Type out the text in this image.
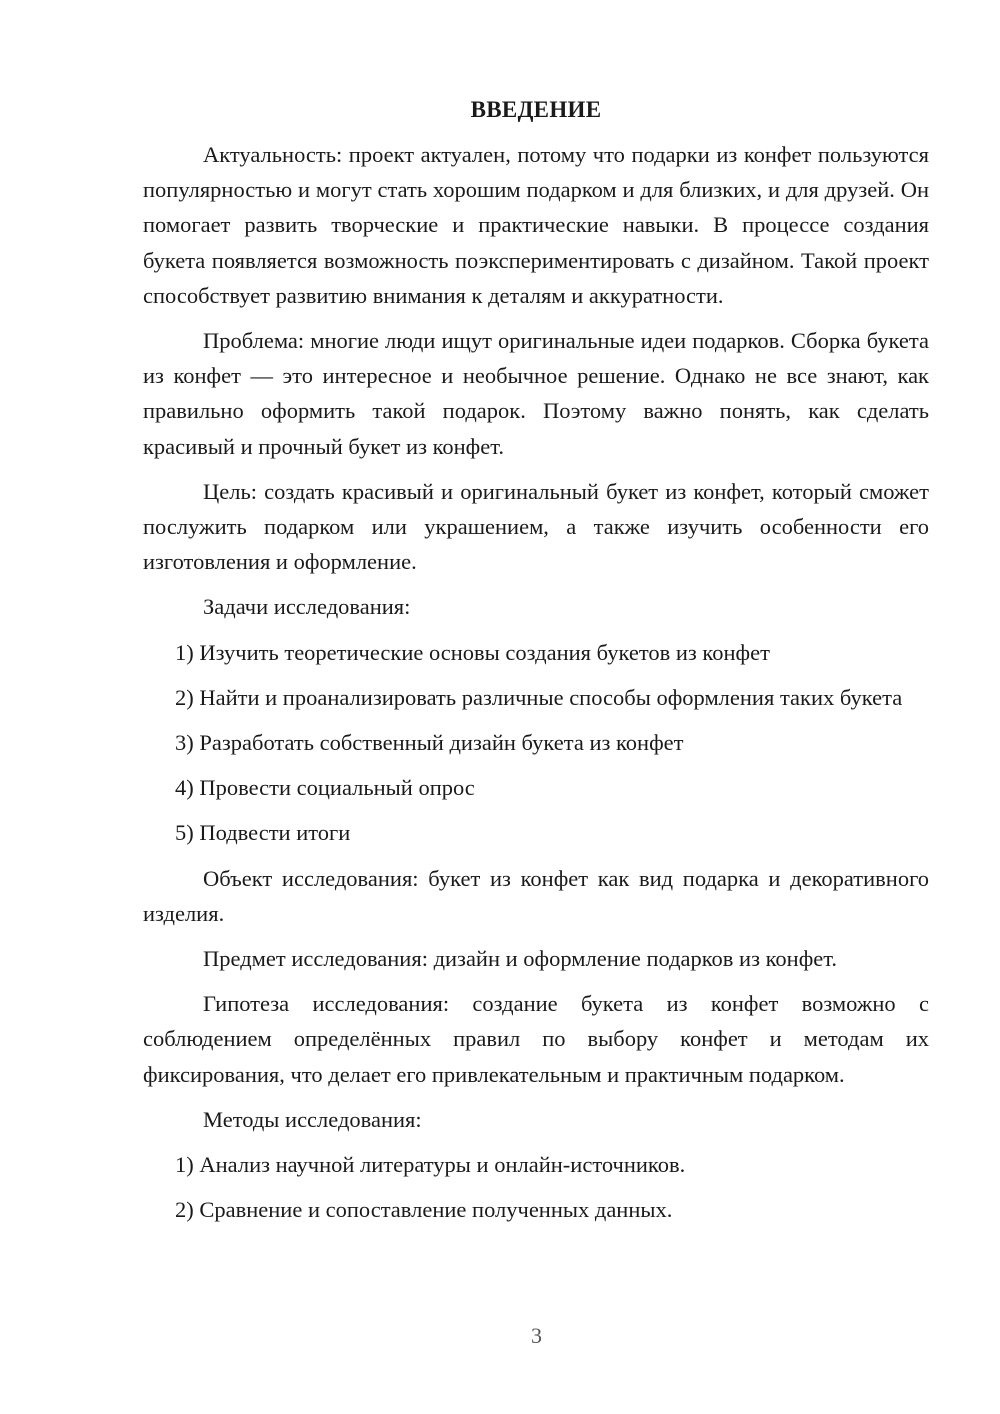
ВВЕДЕНИЕ

Актуальность: проект актуален, потому что подарки из конфет пользуются популярностью и могут стать хорошим подарком и для близких, и для друзей. Он помогает развить творческие и практические навыки. В процессе создания букета появляется возможность поэкспериментировать с дизайном. Такой проект способствует развитию внимания к деталям и аккуратности.

Проблема: многие люди ищут оригинальные идеи подарков. Сборка букета из конфет — это интересное и необычное решение. Однако не все знают, как правильно оформить такой подарок. Поэтому важно понять, как сделать красивый и прочный букет из конфет.

Цель: создать красивый и оригинальный букет из конфет, который сможет послужить подарком или украшением, а также изучить особенности его изготовления и оформление.

Задачи исследования:

1) Изучить теоретические основы создания букетов из конфет

2) Найти и проанализировать различные способы оформления таких букета

3) Разработать собственный дизайн букета из конфет

4) Провести социальный опрос

5) Подвести итоги

Объект исследования: букет из конфет как вид подарка и декоративного изделия.

Предмет исследования: дизайн и оформление подарков из конфет.

Гипотеза исследования: создание букета из конфет возможно с соблюдением определённых правил по выбору конфет и методам их фиксирования, что делает его привлекательным и практичным подарком.

Методы исследования:

1) Анализ научной литературы и онлайн-источников.

2) Сравнение и сопоставление полученных данных.

3
